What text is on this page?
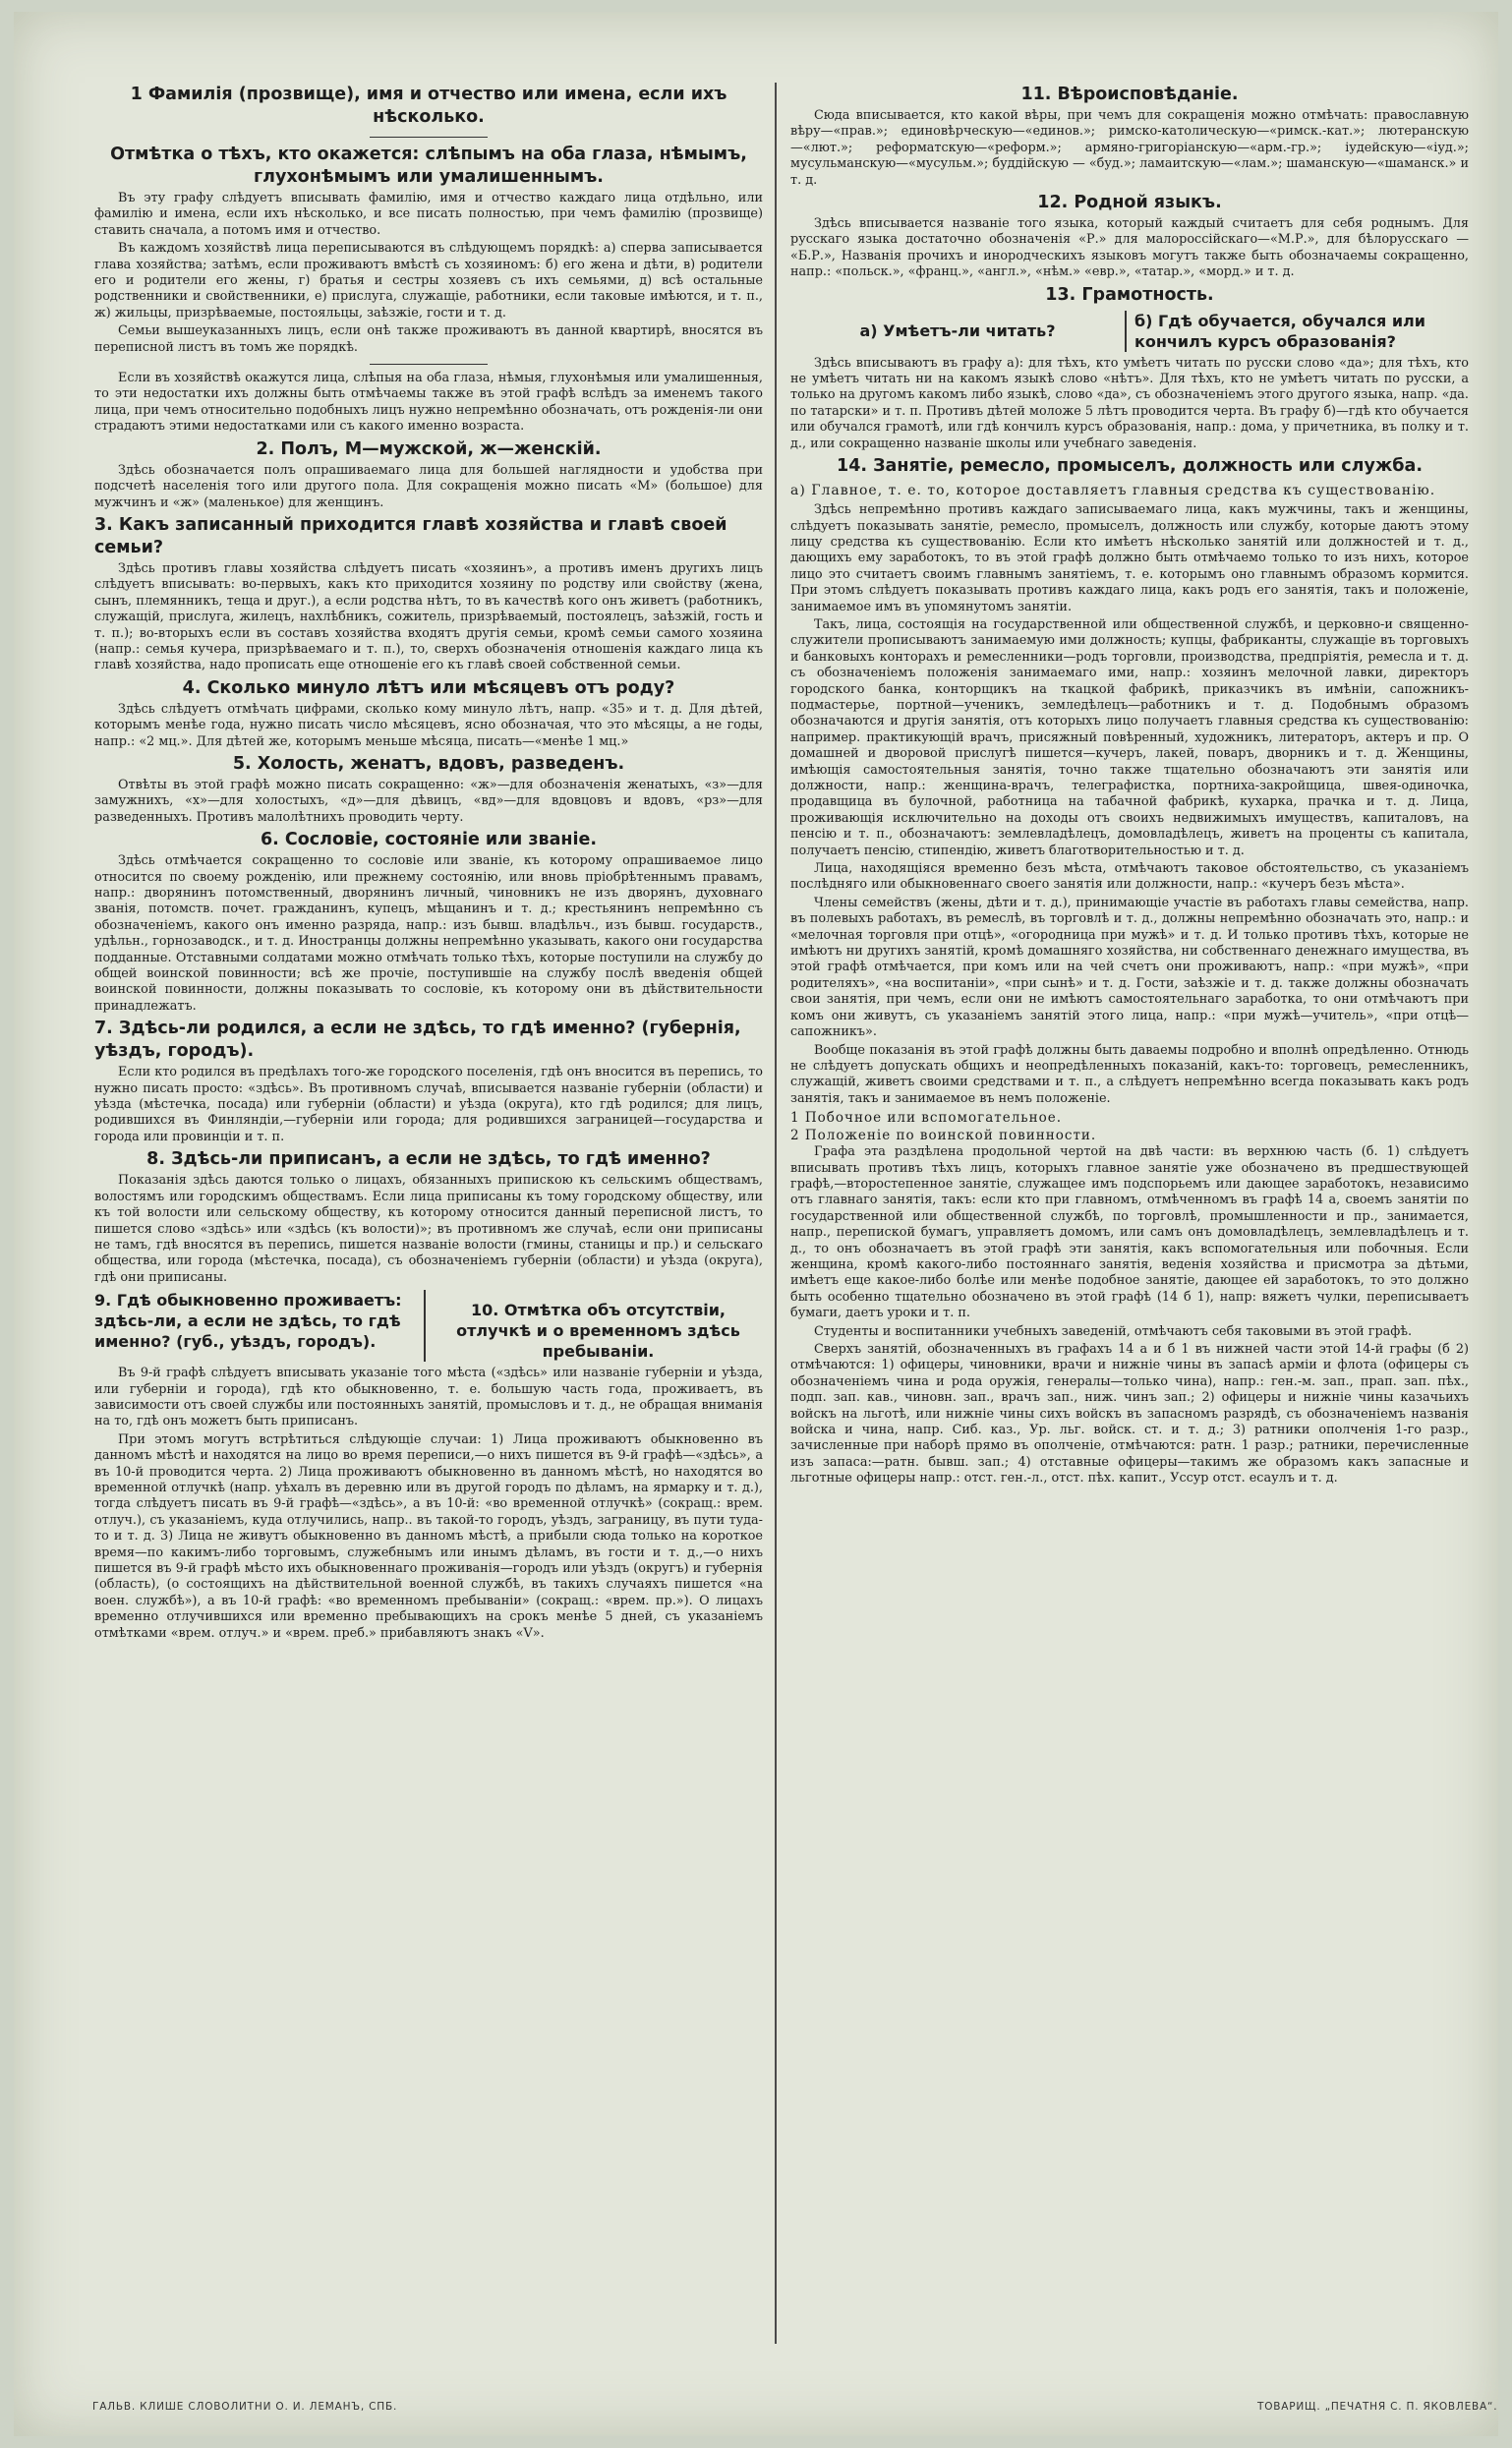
1 Фамилія (прозвище), имя и отчество или имена, если ихъ нѣсколько.
Отмѣтка о тѣхъ, кто окажется: слѣпымъ на оба глаза, нѣмымъ, глухонѣмымъ или умалишеннымъ.

Въ эту графу слѣдуетъ вписывать фамилію, имя и отчество каждаго лица отдѣльно, или фамилію и имена, если ихъ нѣсколько, и все писать полностью, при чемъ фамилію (прозвище) ставить сначала, а потомъ имя и отчество.

Въ каждомъ хозяйствѣ лица переписываются въ слѣдующемъ порядкѣ: а) сперва записывается глава хозяйства; затѣмъ, если проживаютъ вмѣстѣ съ хозяиномъ: б) его жена и дѣти, в) родители его и родители его жены, г) братья и сестры хозяевъ съ ихъ семьями, д) всѣ остальные родственники и свойственники, е) прислуга, служащіе, работники, если таковые имѣются, и т. п., ж) жильцы, призрѣваемые, постояльцы, заѣзжіе, гости и т. д.

Семьи вышеуказанныхъ лицъ, если онѣ также проживаютъ въ данной квартирѣ, вносятся въ переписной листъ въ томъ же порядкѣ.

Если въ хозяйствѣ окажутся лица, слѣпыя на оба глаза, нѣмыя, глухонѣмыя или умалишенныя, то эти недостатки ихъ должны быть отмѣчаемы также въ этой графѣ вслѣдъ за именемъ такого лица, при чемъ относительно подобныхъ лицъ нужно непремѣнно обозначать, отъ рожденія-ли они страдаютъ этими недостатками или съ какого именно возраста.

2. Полъ, М—мужской, ж—женскій.

Здѣсь обозначается полъ опрашиваемаго лица для большей наглядности и удобства при подсчетѣ населенія того или другого пола. Для сокращенія можно писать «М» (большое) для мужчинъ и «ж» (маленькое) для женщинъ.

3. Какъ записанный приходится главѣ хозяйства и главѣ своей семьи?

Здѣсь противъ главы хозяйства слѣдуетъ писать «хозяинъ», а противъ именъ другихъ лицъ слѣдуетъ вписывать: во-первыхъ, какъ кто приходится хозяину по родству или свойству (жена, сынъ, племянникъ, теща и друг.), а если родства нѣтъ, то въ качествѣ кого онъ живетъ (работникъ, служащій, прислуга, жилецъ, нахлѣбникъ, сожитель, призрѣваемый, постоялецъ, заѣзжій, гость и т. п.); во-вторыхъ если въ составъ хозяйства входятъ другія семьи, кромѣ семьи самого хозяина (напр.: семья кучера, призрѣваемаго и т. п.), то, сверхъ обозначенія отношенія каждаго лица къ главѣ хозяйства, надо прописать еще отношеніе его къ главѣ своей собственной семьи.

4. Сколько минуло лѣтъ или мѣсяцевъ отъ роду?

Здѣсь слѣдуетъ отмѣчать цифрами, сколько кому минуло лѣтъ, напр. «35» и т. д. Для дѣтей, которымъ менѣе года, нужно писать число мѣсяцевъ, ясно обозначая, что это мѣсяцы, а не годы, напр.: «2 мц.». Для дѣтей же, которымъ меньше мѣсяца, писать—«менѣе 1 мц.»

5. Холость, женатъ, вдовъ, разведенъ.

Отвѣты въ этой графѣ можно писать сокращенно: «ж»—для обозначенія женатыхъ, «з»—для замужнихъ, «х»—для холостыхъ, «д»—для дѣвицъ, «вд»—для вдовцовъ и вдовъ, «рз»—для разведенныхъ. Противъ малолѣтнихъ проводить черту.

6. Сословіе, состояніе или званіе.

Здѣсь отмѣчается сокращенно то сословіе или званіе, къ которому опрашиваемое лицо относится по своему рожденію, или прежнему состоянію, или вновь пріобрѣтеннымъ правамъ, напр.: дворянинъ потомственный, дворянинъ личный, чиновникъ не изъ дворянъ, духовнаго званія, потомств. почет. гражданинъ, купецъ, мѣщанинъ и т. д.; крестьянинъ непремѣнно съ обозначеніемъ, какого онъ именно разряда, напр.: изъ бывш. владѣльч., изъ бывш. государств., удѣльн., горнозаводск., и т. д. Иностранцы должны непремѣнно указывать, какого они государства подданные. Отставными солдатами можно отмѣчать только тѣхъ, которые поступили на службу до общей воинской повинности; всѣ же прочіе, поступившіе на службу послѣ введенія общей воинской повинности, должны показывать то сословіе, къ которому они въ дѣйствительности принадлежатъ.

7. Здѣсь-ли родился, а если не здѣсь, то гдѣ именно? (губернія, уѣздъ, городъ).

Если кто родился въ предѣлахъ того-же городского поселенія, гдѣ онъ вносится въ перепись, то нужно писать просто: «здѣсь». Въ противномъ случаѣ, вписывается названіе губерніи (области) и уѣзда (мѣстечка, посада) или губерніи (области) и уѣзда (округа), кто гдѣ родился; для лицъ, родившихся въ Финляндіи,—губерніи или города; для родившихся заграницей—государства и города или провинціи и т. п.

8. Здѣсь-ли приписанъ, а если не здѣсь, то гдѣ именно?

Показанія здѣсь даются только о лицахъ, обязанныхъ припискою къ сельскимъ обществамъ, волостямъ или городскимъ обществамъ. Если лица приписаны къ тому городскому обществу, или къ той волости или сельскому обществу, къ которому относится данный переписной листъ, то пишется слово «здѣсь» или «здѣсь (къ волости)»; въ противномъ же случаѣ, если они приписаны не тамъ, гдѣ вносятся въ перепись, пишется названіе волости (гмины, станицы и пр.) и сельскаго общества, или города (мѣстечка, посада), съ обозначеніемъ губерніи (области) и уѣзда (округа), гдѣ они приписаны.

9. Гдѣ обыкновенно проживаетъ: здѣсь-ли, а если не здѣсь, то гдѣ именно? (губ., уѣздъ, городъ).
10. Отмѣтка объ отсутствіи, отлучкѣ и о временномъ здѣсь пребываніи.

Въ 9-й графѣ слѣдуетъ вписывать указаніе того мѣста («здѣсь» или названіе губерніи и уѣзда, или губерніи и города), гдѣ кто обыкновенно, т. е. большую часть года, проживаетъ, въ зависимости отъ своей службы или постоянныхъ занятій, промысловъ и т. д., не обращая вниманія на то, гдѣ онъ можетъ быть приписанъ.

При этомъ могутъ встрѣтиться слѣдующіе случаи: 1) Лица проживаютъ обыкновенно въ данномъ мѣстѣ и находятся на лицо во время переписи,—о нихъ пишется въ 9-й графѣ—«здѣсь», а въ 10-й проводится черта. 2) Лица проживаютъ обыкновенно въ данномъ мѣстѣ, но находятся во временной отлучкѣ (напр. уѣхалъ въ деревню или въ другой городъ по дѣламъ, на ярмарку и т. д.), тогда слѣдуетъ писать въ 9-й графѣ—«здѣсь», а въ 10-й: «во временной отлучкѣ» (сокращ.: врем. отлуч.), съ указаніемъ, куда отлучились, напр.. въ такой-то городъ, уѣздъ, заграницу, въ пути туда-то и т. д. 3) Лица не живутъ обыкновенно въ данномъ мѣстѣ, а прибыли сюда только на короткое время—по какимъ-либо торговымъ, служебнымъ или инымъ дѣламъ, въ гости и т. д.,—о нихъ пишется въ 9-й графѣ мѣсто ихъ обыкновеннаго проживанія—городъ или уѣздъ (округъ) и губернія (область), (о состоящихъ на дѣйствительной военной службѣ, въ такихъ случаяхъ пишется «на воен. службѣ»), а въ 10-й графѣ: «во временномъ пребываніи» (сокращ.: «врем. пр.»). О лицахъ временно отлучившихся или временно пребывающихъ на срокъ менѣе 5 дней, съ указаніемъ отмѣтками «врем. отлуч.» и «врем. преб.» прибавляютъ знакъ «V».

11. Вѣроисповѣданіе.

Сюда вписывается, кто какой вѣры, при чемъ для сокращенія можно отмѣчать: православную вѣру—«прав.»; единовѣрческую—«единов.»; римско-католическую—«римск.-кат.»; лютеранскую—«лют.»; реформатскую—«реформ.»; армяно-григоріанскую—«арм.-гр.»; іудейскую—«іуд.»; мусульманскую—«мусульм.»; буддійскую — «буд.»; ламаитскую—«лам.»; шаманскую—«шаманск.» и т. д.

12. Родной языкъ.

Здѣсь вписывается названіе того языка, который каждый считаетъ для себя роднымъ. Для русскаго языка достаточно обозначенія «Р.» для малороссійскаго—«М.Р.», для бѣлорусскаго — «Б.Р.», Названія прочихъ и инородческихъ языковъ могутъ также быть обозначаемы сокращенно, напр.: «польск.», «франц.», «англ.», «нѣм.» «евр.», «татар.», «морд.» и т. д.

13. Грамотность.
а) Умѣетъ-ли читать?
б) Гдѣ обучается, обучался или кончилъ курсъ образованія?

Здѣсь вписываютъ въ графу а): для тѣхъ, кто умѣетъ читать по русски слово «да»; для тѣхъ, кто не умѣетъ читать ни на какомъ языкѣ слово «нѣтъ». Для тѣхъ, кто не умѣетъ читать по русски, а только на другомъ какомъ либо языкѣ, слово «да», съ обозначеніемъ этого другого языка, напр. «да. по татарски» и т. п. Противъ дѣтей моложе 5 лѣтъ проводится черта. Въ графу б)—гдѣ кто обучается или обучался грамотѣ, или гдѣ кончилъ курсъ образованія, напр.: дома, у причетника, въ полку и т. д., или сокращенно названіе школы или учебнаго заведенія.

14. Занятіе, ремесло, промыселъ, должность или служба.
а) Главное, т. е. то, которое доставляетъ главныя средства къ существованію.

Здѣсь непремѣнно противъ каждаго записываемаго лица, какъ мужчины, такъ и женщины, слѣдуетъ показывать занятіе, ремесло, промыселъ, должность или службу, которые даютъ этому лицу средства къ существованію. Если кто имѣетъ нѣсколько занятій или должностей и т. д., дающихъ ему заработокъ, то въ этой графѣ должно быть отмѣчаемо только то изъ нихъ, которое лицо это считаетъ своимъ главнымъ занятіемъ, т. е. которымъ оно главнымъ образомъ кормится. При этомъ слѣдуетъ показывать противъ каждаго лица, какъ родъ его занятія, такъ и положеніе, занимаемое имъ въ упомянутомъ занятіи.

Такъ, лица, состоящія на государственной или общественной службѣ, и церковно-и священно-служители прописываютъ занимаемую ими должность; купцы, фабриканты, служащіе въ торговыхъ и банковыхъ конторахъ и ремесленники—родъ торговли, производства, предпріятія, ремесла и т. д. съ обозначеніемъ положенія занимаемаго ими, напр.: хозяинъ мелочной лавки, директоръ городского банка, конторщикъ на ткацкой фабрикѣ, приказчикъ въ имѣніи, сапожникъ-подмастерье, портной—ученикъ, земледѣлецъ—работникъ и т. д. Подобнымъ образомъ обозначаются и другія занятія, отъ которыхъ лицо получаетъ главныя средства къ существованію: например. практикующій врачъ, присяжный повѣренный, художникъ, литераторъ, актеръ и пр. О домашней и дворовой прислугѣ пишется—кучеръ, лакей, поваръ, дворникъ и т. д. Женщины, имѣющія самостоятельныя занятія, точно также тщательно обозначаютъ эти занятія или должности, напр.: женщина-врачъ, телеграфистка, портниха-закройщица, швея-одиночка, продавщица въ булочной, работница на табачной фабрикѣ, кухарка, прачка и т. д. Лица, проживающія исключительно на доходы отъ своихъ недвижимыхъ имуществъ, капиталовъ, на пенсію и т. п., обозначаютъ: землевладѣлецъ, домовладѣлецъ, живетъ на проценты съ капитала, получаетъ пенсію, стипендію, живетъ благотворительностью и т. д.

Лица, находящіяся временно безъ мѣста, отмѣчаютъ таковое обстоятельство, съ указаніемъ послѣдняго или обыкновеннаго своего занятія или должности, напр.: «кучеръ безъ мѣста».

Члены семействъ (жены, дѣти и т. д.), принимающіе участіе въ работахъ главы семейства, напр. въ полевыхъ работахъ, въ ремеслѣ, въ торговлѣ и т. д., должны непремѣнно обозначать это, напр.: и «мелочная торговля при отцѣ», «огородница при мужѣ» и т. д. И только противъ тѣхъ, которые не имѣютъ ни другихъ занятій, кромѣ домашняго хозяйства, ни собственнаго денежнаго имущества, въ этой графѣ отмѣчается, при комъ или на чей счетъ они проживаютъ, напр.: «при мужѣ», «при родителяхъ», «на воспитаніи», «при сынѣ» и т. д. Гости, заѣзжіе и т. д. также должны обозначать свои занятія, при чемъ, если они не имѣютъ самостоятельнаго заработка, то они отмѣчаютъ при комъ они живутъ, съ указаніемъ занятій этого лица, напр.: «при мужѣ—учитель», «при отцѣ—сапожникъ».

Вообще показанія въ этой графѣ должны быть даваемы подробно и вполнѣ опредѣленно. Отнюдь не слѣдуетъ допускать общихъ и неопредѣленныхъ показаній, какъ-то: торговецъ, ремесленникъ, служащій, живетъ своими средствами и т. п., а слѣдуетъ непремѣнно всегда показывать какъ родъ занятія, такъ и занимаемое въ немъ положеніе.

1 Побочное или вспомогательное.
2 Положеніе по воинской повинности.

Графа эта раздѣлена продольной чертой на двѣ части: въ верхнюю часть (б. 1) слѣдуетъ вписывать противъ тѣхъ лицъ, которыхъ главное занятіе уже обозначено въ предшествующей графѣ,—второстепенное занятіе, служащее имъ подспорьемъ или дающее заработокъ, независимо отъ главнаго занятія, такъ: если кто при главномъ, отмѣченномъ въ графѣ 14 а, своемъ занятіи по государственной или общественной службѣ, по торговлѣ, промышленности и пр., занимается, напр., перепиской бумагъ, управляетъ домомъ, или самъ онъ домовладѣлецъ, землевладѣлецъ и т. д., то онъ обозначаетъ въ этой графѣ эти занятія, какъ вспомогательныя или побочныя. Если женщина, кромѣ какого-либо постояннаго занятія, веденія хозяйства и присмотра за дѣтьми, имѣетъ еще какое-либо болѣе или менѣе подобное занятіе, дающее ей заработокъ, то это должно быть особенно тщательно обозначено въ этой графѣ (14 б 1), напр: вяжетъ чулки, переписываетъ бумаги, даетъ уроки и т. п.

Студенты и воспитанники учебныхъ заведеній, отмѣчаютъ себя таковыми въ этой графѣ.

Сверхъ занятій, обозначенныхъ въ графахъ 14 а и б 1 въ нижней части этой 14-й графы (б 2) отмѣчаются: 1) офицеры, чиновники, врачи и нижніе чины въ запасѣ арміи и флота (офицеры съ обозначеніемъ чина и рода оружія, генералы—только чина), напр.: ген.-м. зап., прап. зап. пѣх., подп. зап. кав., чиновн. зап., врачъ зап., ниж. чинъ зап.; 2) офицеры и нижніе чины казачьихъ войскъ на льготѣ, или нижніе чины сихъ войскъ въ запасномъ разрядѣ, съ обозначеніемъ названія войска и чина, напр. Сиб. каз., Ур. льг. войск. ст. и т. д.; 3) ратники ополченія 1-го разр., зачисленные при наборѣ прямо въ ополченіе, отмѣчаются: ратн. 1 разр.; ратники, перечисленные изъ запаса:—ратн. бывш. зап.; 4) отставные офицеры—такимъ же образомъ какъ запасные и льготные офицеры напр.: отст. ген.-л., отст. пѣх. капит., Уссур отст. есаулъ и т. д.

ГАЛЬВ. КЛИШЕ СЛОВОЛИТНИ О. И. ЛЕМАНЪ, СПБ.	ТОВАРИЩ. „ПЕЧАТНЯ С. П. ЯКОВЛЕВА“.
